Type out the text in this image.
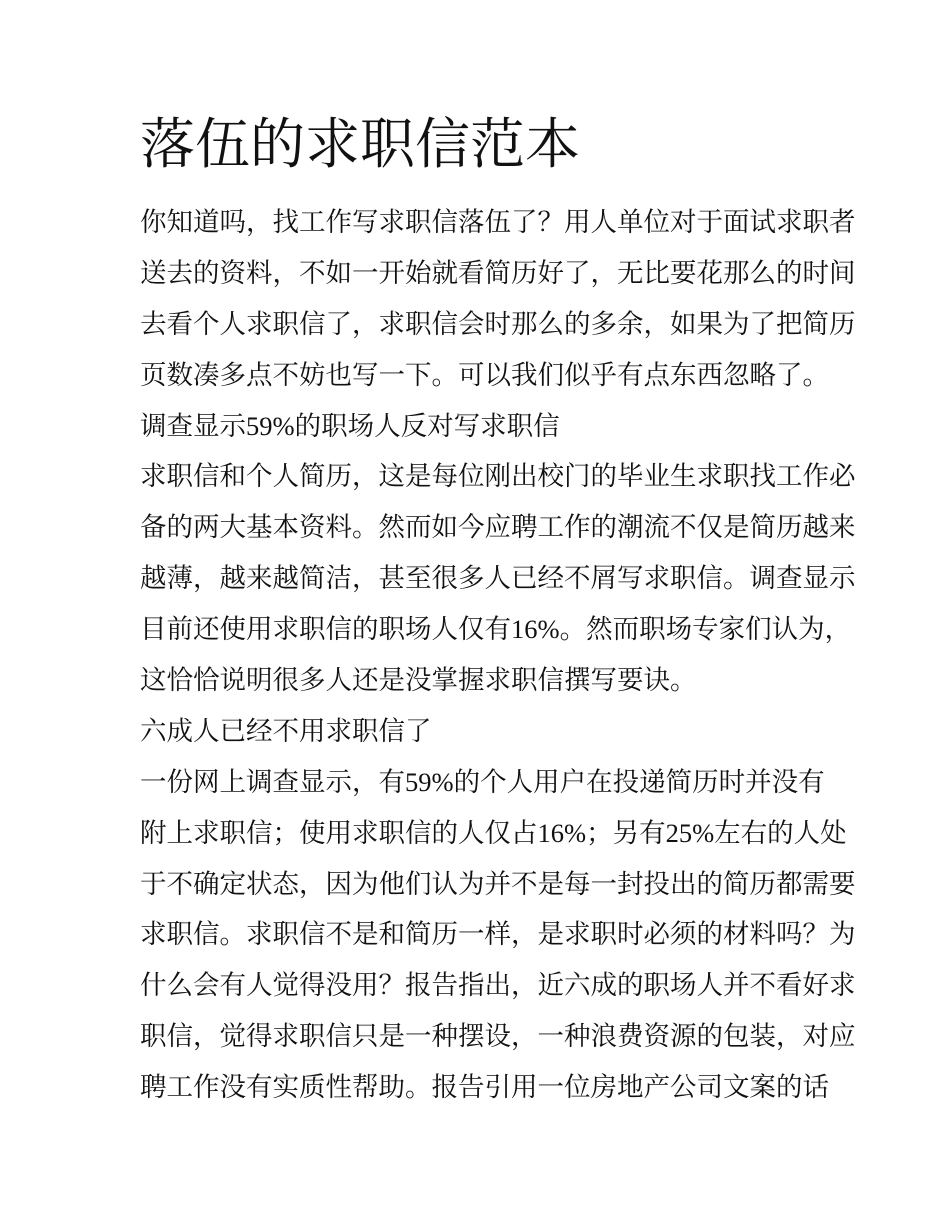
落伍的求职信范本
你知道吗，找工作写求职信落伍了？用人单位对于面试求职者
送去的资料，不如一开始就看简历好了，无比要花那么的时间
去看个人求职信了，求职信会时那么的多余，如果为了把简历
页数凑多点不妨也写一下。可以我们似乎有点东西忽略了。
调查显示59%的职场人反对写求职信
求职信和个人简历，这是每位刚出校门的毕业生求职找工作必
备的两大基本资料。然而如今应聘工作的潮流不仅是简历越来
越薄，越来越简洁，甚至很多人已经不屑写求职信。调查显示
目前还使用求职信的职场人仅有16%。然而职场专家们认为，
这恰恰说明很多人还是没掌握求职信撰写要诀。
六成人已经不用求职信了
一份网上调查显示，有59%的个人用户在投递简历时并没有
附上求职信；使用求职信的人仅占16%；另有25%左右的人处
于不确定状态，因为他们认为并不是每一封投出的简历都需要
求职信。求职信不是和简历一样，是求职时必须的材料吗？为
什么会有人觉得没用？报告指出，近六成的职场人并不看好求
职信，觉得求职信只是一种摆设，一种浪费资源的包装，对应
聘工作没有实质性帮助。报告引用一位房地产公司文案的话
